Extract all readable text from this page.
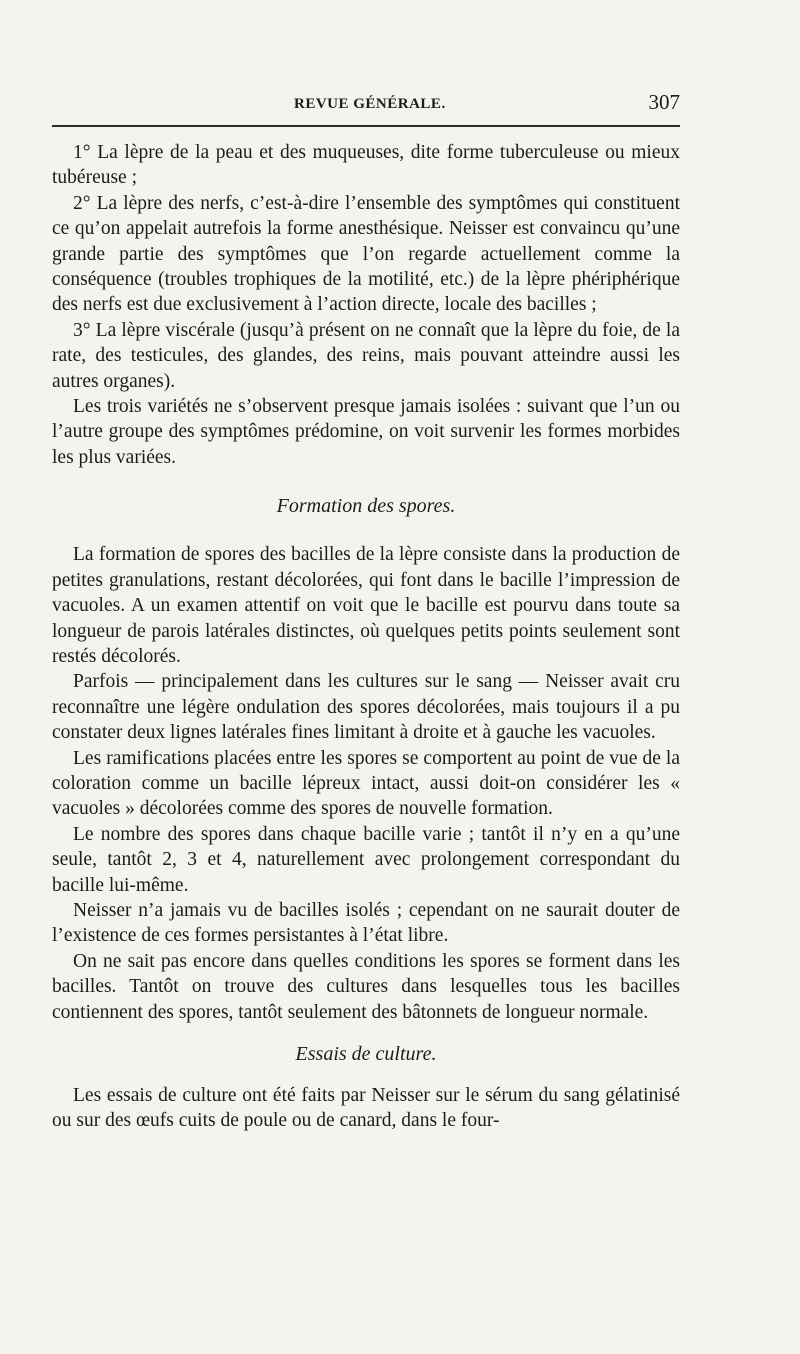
REVUE GÉNÉRALE.	307

1° La lèpre de la peau et des muqueuses, dite forme tuberculeuse ou mieux tubéreuse ;

2° La lèpre des nerfs, c’est-à-dire l’ensemble des symptômes qui constituent ce qu’on appelait autrefois la forme anesthésique. Neisser est convaincu qu’une grande partie des symptômes que l’on regarde actuellement comme la conséquence (troubles trophiques de la motilité, etc.) de la lèpre phériphérique des nerfs est due exclusivement à l’action directe, locale des bacilles ;

3° La lèpre viscérale (jusqu’à présent on ne connaît que la lèpre du foie, de la rate, des testicules, des glandes, des reins, mais pouvant atteindre aussi les autres organes).

Les trois variétés ne s’observent presque jamais isolées : suivant que l’un ou l’autre groupe des symptômes prédomine, on voit survenir les formes morbides les plus variées.

Formation des spores.

La formation de spores des bacilles de la lèpre consiste dans la production de petites granulations, restant décolorées, qui font dans le bacille l’impression de vacuoles. A un examen attentif on voit que le bacille est pourvu dans toute sa longueur de parois latérales distinctes, où quelques petits points seulement sont restés décolorés.

Parfois — principalement dans les cultures sur le sang — Neisser avait cru reconnaître une légère ondulation des spores décolorées, mais toujours il a pu constater deux lignes latérales fines limitant à droite et à gauche les vacuoles.

Les ramifications placées entre les spores se comportent au point de vue de la coloration comme un bacille lépreux intact, aussi doit-on considérer les « vacuoles » décolorées comme des spores de nouvelle formation.

Le nombre des spores dans chaque bacille varie ; tantôt il n’y en a qu’une seule, tantôt 2, 3 et 4, naturellement avec prolongement correspondant du bacille lui-même.

Neisser n’a jamais vu de bacilles isolés ; cependant on ne saurait douter de l’existence de ces formes persistantes à l’état libre.

On ne sait pas encore dans quelles conditions les spores se forment dans les bacilles. Tantôt on trouve des cultures dans lesquelles tous les bacilles contiennent des spores, tantôt seulement des bâtonnets de longueur normale.

Essais de culture.

Les essais de culture ont été faits par Neisser sur le sérum du sang gélatinisé ou sur des œufs cuits de poule ou de canard, dans le four-
